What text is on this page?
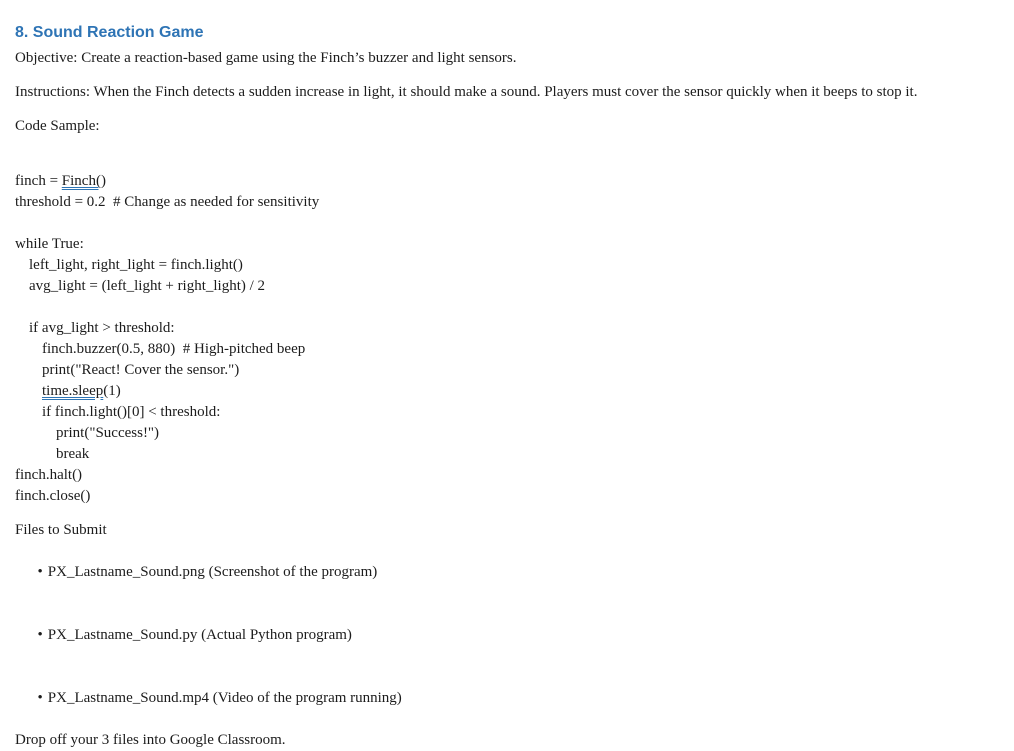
8. Sound Reaction Game

Objective: Create a reaction-based game using the Finch’s buzzer and light sensors.

Instructions: When the Finch detects a sudden increase in light, it should make a sound. Players must cover the sensor quickly when it beeps to stop it.

Code Sample:

finch = Finch()
threshold = 0.2  # Change as needed for sensitivity
while True:
left_light, right_light = finch.light()
avg_light = (left_light + right_light) / 2
if avg_light > threshold:
finch.buzzer(0.5, 880)  # High-pitched beep
print("React! Cover the sensor.")
time.sleep(1)
if finch.light()[0] < threshold:
print("Success!")
break
finch.halt()
finch.close()
Files to Submit

• PX_Lastname_Sound.png (Screenshot of the program)

• PX_Lastname_Sound.py (Actual Python program)

• PX_Lastname_Sound.mp4 (Video of the program running)

Drop off your 3 files into Google Classroom.
